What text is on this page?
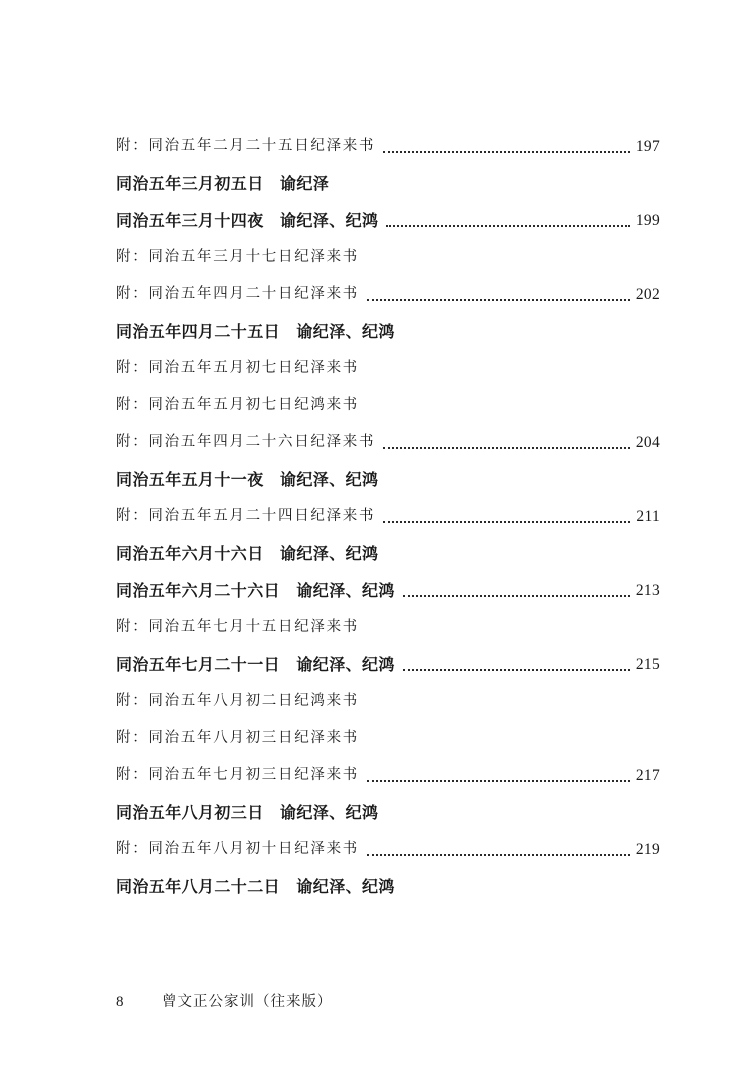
附：同治五年二月二十五日纪泽来书	197
同治五年三月初五日　谕纪泽
同治五年三月十四夜　谕纪泽、纪鸿	199
附：同治五年三月十七日纪泽来书
附：同治五年四月二十日纪泽来书	202
同治五年四月二十五日　谕纪泽、纪鸿
附：同治五年五月初七日纪泽来书
附：同治五年五月初七日纪鸿来书
附：同治五年四月二十六日纪泽来书	204
同治五年五月十一夜　谕纪泽、纪鸿
附：同治五年五月二十四日纪泽来书	211
同治五年六月十六日　谕纪泽、纪鸿
同治五年六月二十六日　谕纪泽、纪鸿	213
附：同治五年七月十五日纪泽来书
同治五年七月二十一日　谕纪泽、纪鸿	215
附：同治五年八月初二日纪鸿来书
附：同治五年八月初三日纪泽来书
附：同治五年七月初三日纪泽来书	217
同治五年八月初三日　谕纪泽、纪鸿
附：同治五年八月初十日纪泽来书	219
同治五年八月二十二日　谕纪泽、纪鸿
8	曾文正公家训（往来版）
